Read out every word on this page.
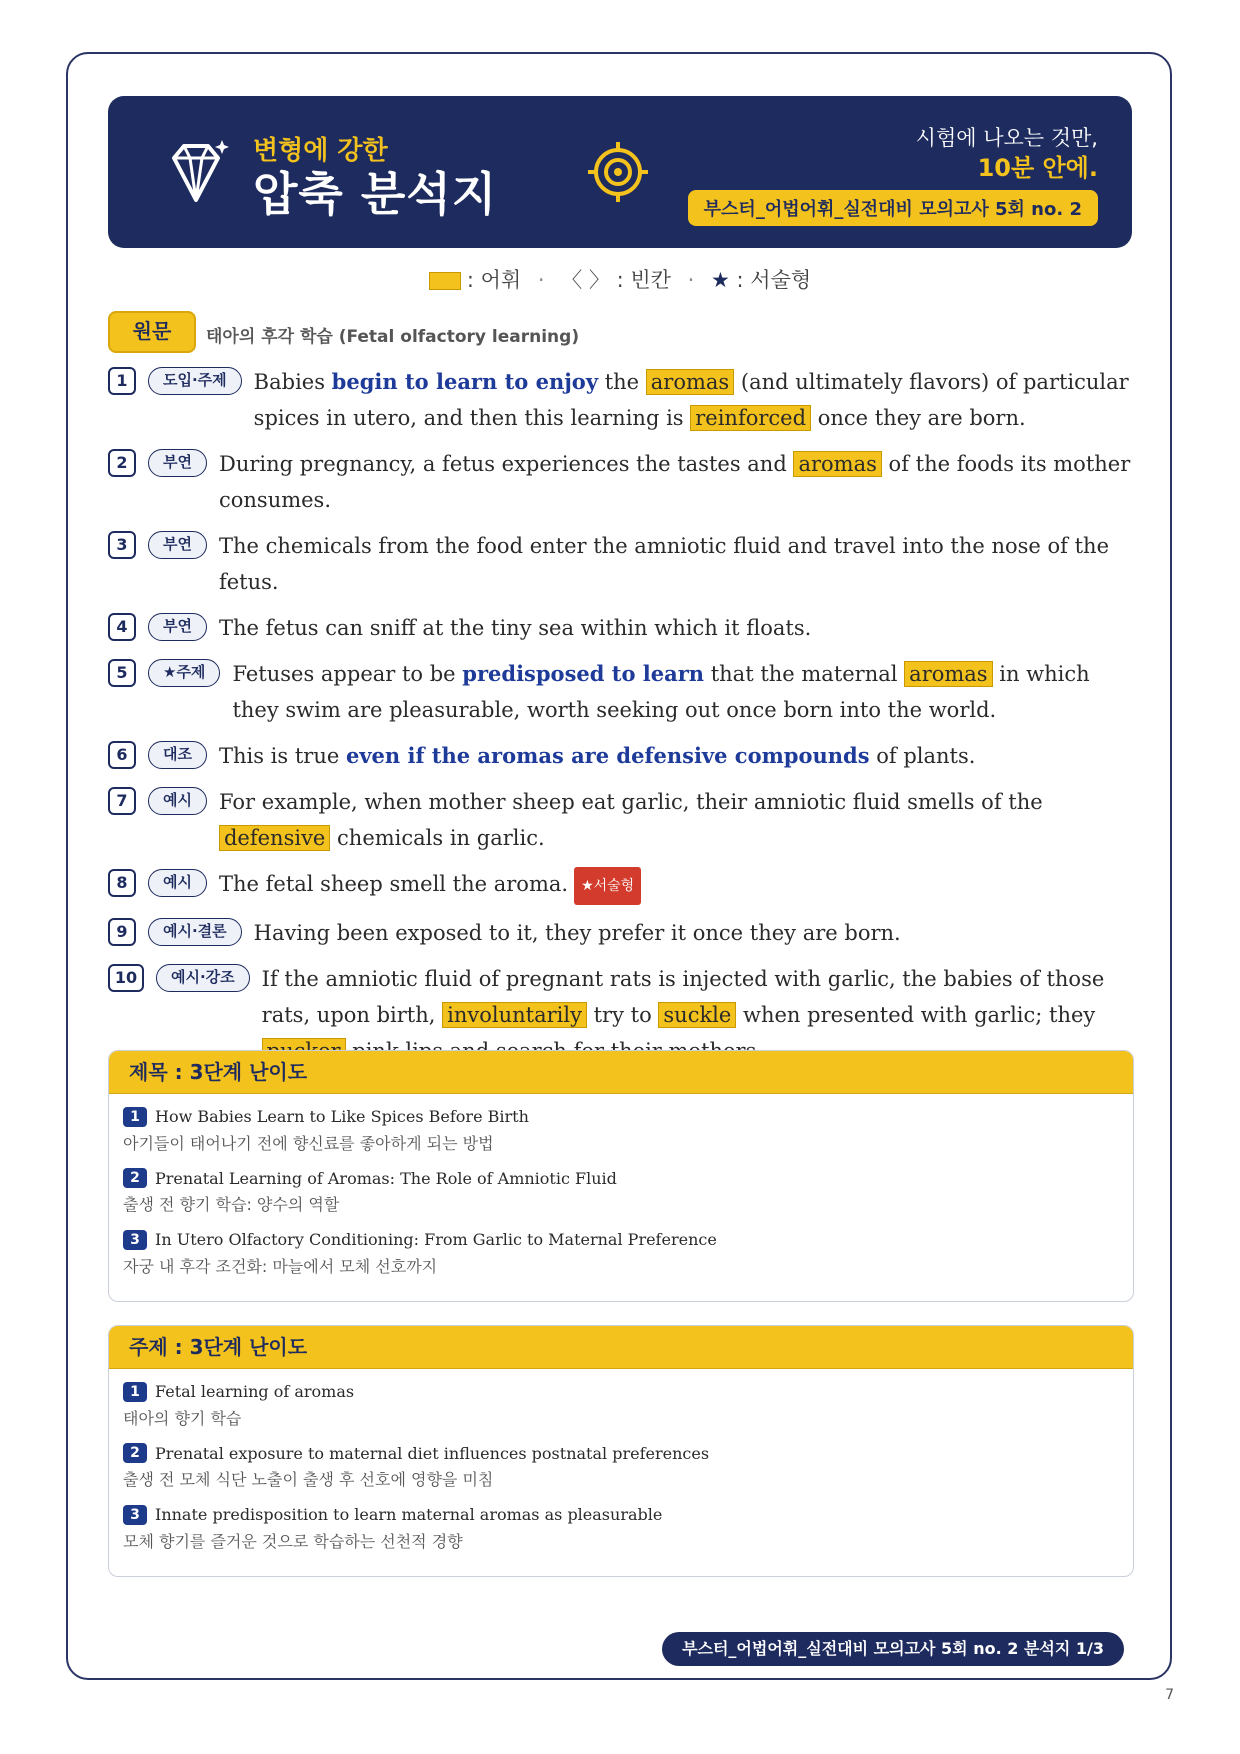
변형에 강한
압축 분석지
시험에 나오는 것만,
10분 안에.
부스터_어법어휘_실전대비 모의고사 5회 no. 2
: 어휘 · 〈 〉 : 빈칸 · ★ : 서술형
원문	태아의 후각 학습 (Fetal olfactory learning)
1	도입·주제	Babies begin to learn to enjoy the aromas (and ultimately flavors) of particular spices in utero, and then this learning is reinforced once they are born.
2	부연	During pregnancy, a fetus experiences the tastes and aromas of the foods its mother consumes.
3	부연	The chemicals from the food enter the amniotic fluid and travel into the nose of the fetus.
4	부연	The fetus can sniff at the tiny sea within which it floats.
5	★주제	Fetuses appear to be predisposed to learn that the maternal aromas in which they swim are pleasurable, worth seeking out once born into the world.
6	대조	This is true even if the aromas are defensive compounds of plants.
7	예시	For example, when mother sheep eat garlic, their amniotic fluid smells of the defensive chemicals in garlic.
8	예시	The fetal sheep smell the aroma. ★서술형
9	예시·결론	Having been exposed to it, they prefer it once they are born.
10	예시·강조	If the amniotic fluid of pregnant rats is injected with garlic, the babies of those rats, upon birth, involuntarily try to suckle when presented with garlic; they
제목 : 3단계 난이도
1 How Babies Learn to Like Spices Before Birth
아기들이 태어나기 전에 향신료를 좋아하게 되는 방법
2 Prenatal Learning of Aromas: The Role of Amniotic Fluid
출생 전 향기 학습: 양수의 역할
3 In Utero Olfactory Conditioning: From Garlic to Maternal Preference
자궁 내 후각 조건화: 마늘에서 모체 선호까지
주제 : 3단계 난이도
1 Fetal learning of aromas
태아의 향기 학습
2 Prenatal exposure to maternal diet influences postnatal preferences
출생 전 모체 식단 노출이 출생 후 선호에 영향을 미침
3 Innate predisposition to learn maternal aromas as pleasurable
모체 향기를 즐거운 것으로 학습하는 선천적 경향
부스터_어법어휘_실전대비 모의고사 5회 no. 2 분석지 1/3
7
